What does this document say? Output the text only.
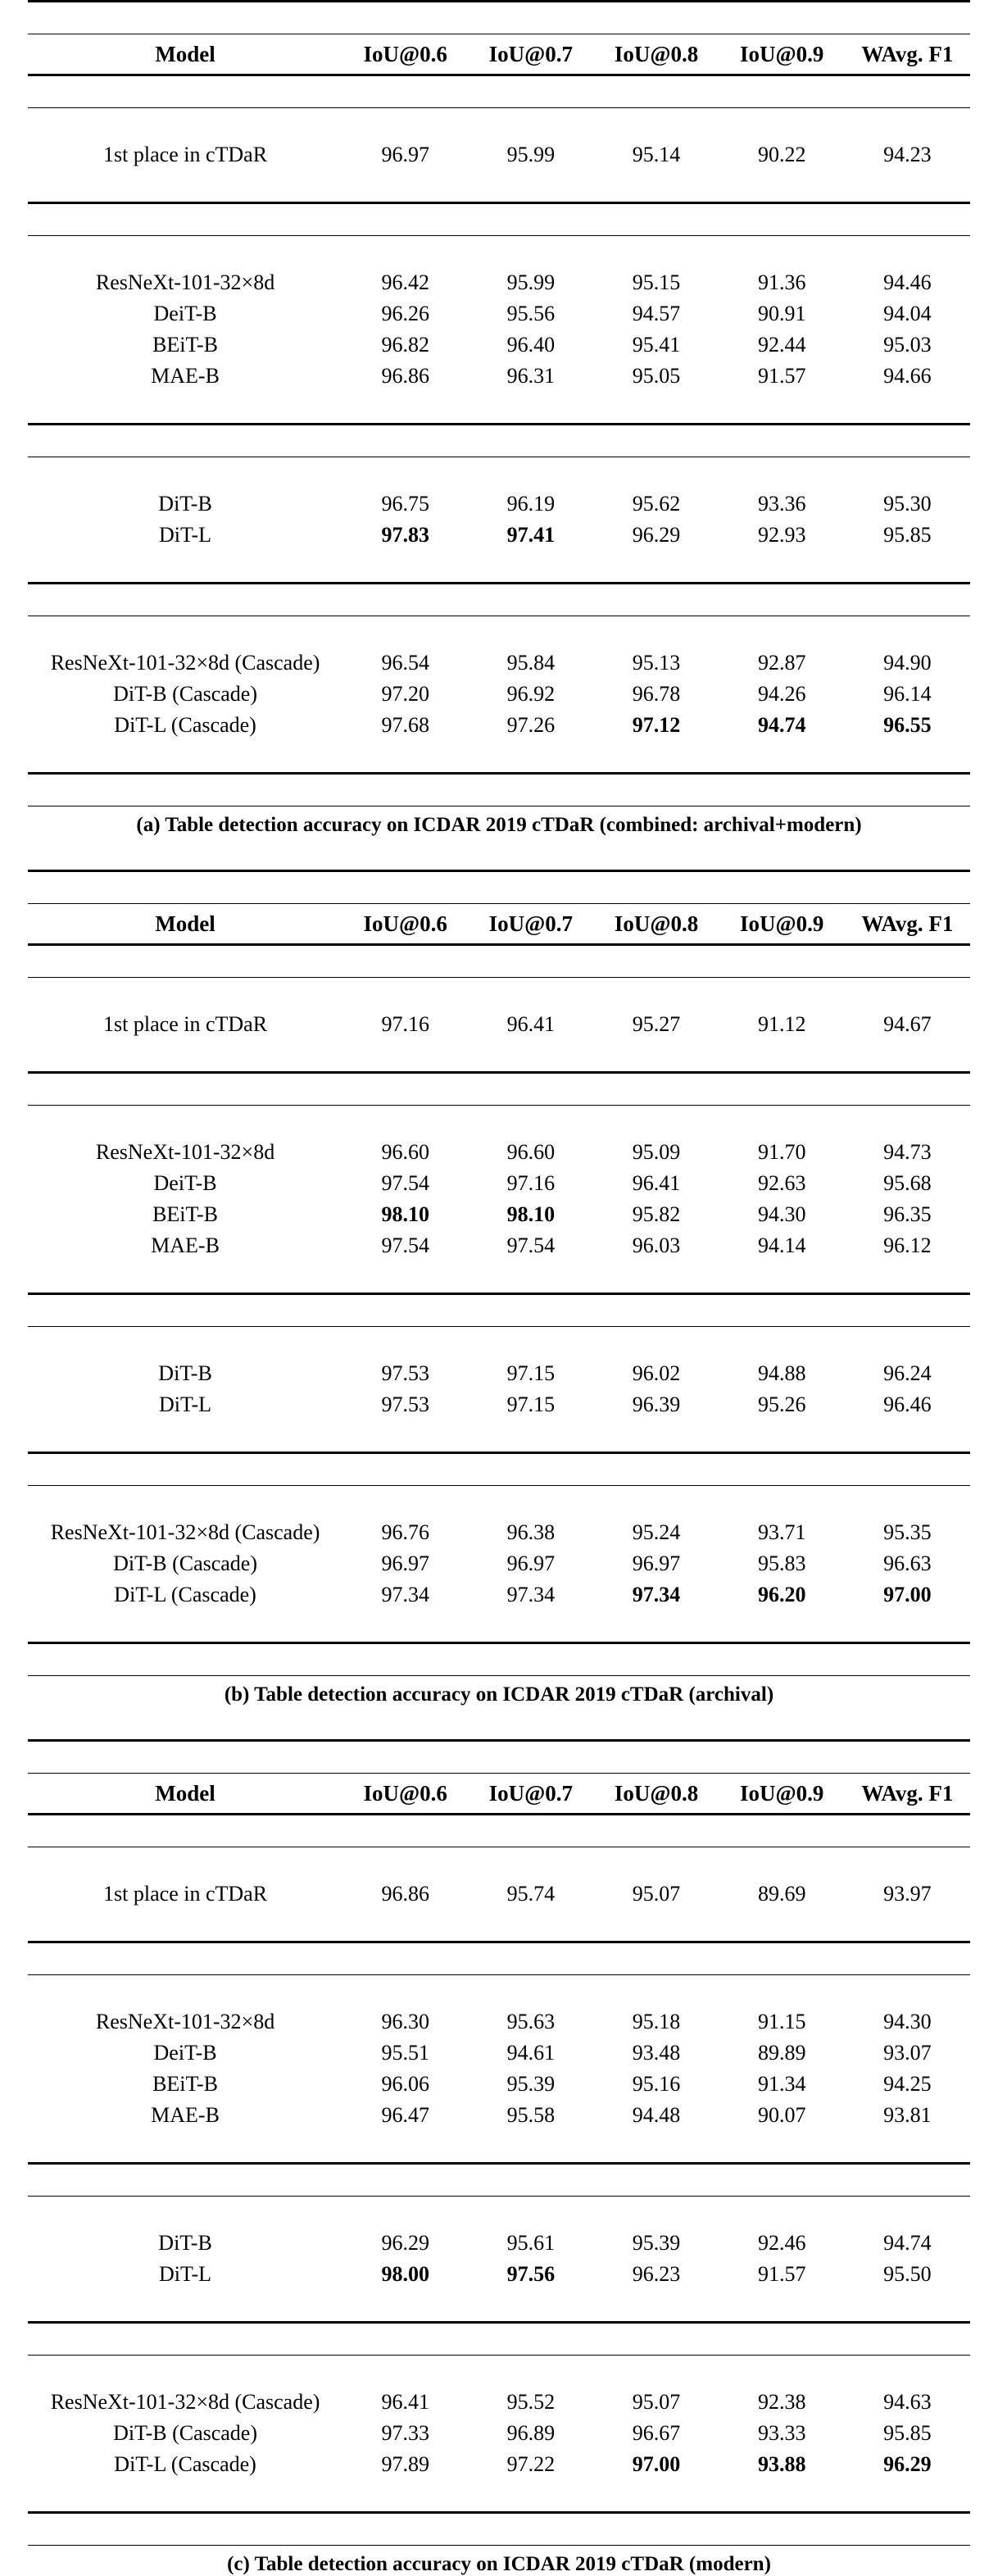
Model	IoU@0.6	IoU@0.7	IoU@0.8	IoU@0.9	WAvg. F1

1st place in cTDaR	96.97	95.99	95.14	90.22	94.23

ResNeXt-101-32×8d	96.42	95.99	95.15	91.36	94.46
DeiT-B	96.26	95.56	94.57	90.91	94.04
BEiT-B	96.82	96.40	95.41	92.44	95.03
MAE-B	96.86	96.31	95.05	91.57	94.66

DiT-B	96.75	96.19	95.62	93.36	95.30
DiT-L	97.83	97.41	96.29	92.93	95.85

ResNeXt-101-32×8d (Cascade)	96.54	95.84	95.13	92.87	94.90
DiT-B (Cascade)	97.20	96.92	96.78	94.26	96.14
DiT-L (Cascade)	97.68	97.26	97.12	94.74	96.55

(a) Table detection accuracy on ICDAR 2019 cTDaR (combined: archival+modern)

Model	IoU@0.6	IoU@0.7	IoU@0.8	IoU@0.9	WAvg. F1

1st place in cTDaR	97.16	96.41	95.27	91.12	94.67

ResNeXt-101-32×8d	96.60	96.60	95.09	91.70	94.73
DeiT-B	97.54	97.16	96.41	92.63	95.68
BEiT-B	98.10	98.10	95.82	94.30	96.35
MAE-B	97.54	97.54	96.03	94.14	96.12

DiT-B	97.53	97.15	96.02	94.88	96.24
DiT-L	97.53	97.15	96.39	95.26	96.46

ResNeXt-101-32×8d (Cascade)	96.76	96.38	95.24	93.71	95.35
DiT-B (Cascade)	96.97	96.97	96.97	95.83	96.63
DiT-L (Cascade)	97.34	97.34	97.34	96.20	97.00

(b) Table detection accuracy on ICDAR 2019 cTDaR (archival)

Model	IoU@0.6	IoU@0.7	IoU@0.8	IoU@0.9	WAvg. F1

1st place in cTDaR	96.86	95.74	95.07	89.69	93.97

ResNeXt-101-32×8d	96.30	95.63	95.18	91.15	94.30
DeiT-B	95.51	94.61	93.48	89.89	93.07
BEiT-B	96.06	95.39	95.16	91.34	94.25
MAE-B	96.47	95.58	94.48	90.07	93.81

DiT-B	96.29	95.61	95.39	92.46	94.74
DiT-L	98.00	97.56	96.23	91.57	95.50

ResNeXt-101-32×8d (Cascade)	96.41	95.52	95.07	92.38	94.63
DiT-B (Cascade)	97.33	96.89	96.67	93.33	95.85
DiT-L (Cascade)	97.89	97.22	97.00	93.88	96.29

(c) Table detection accuracy on ICDAR 2019 cTDaR (modern)
